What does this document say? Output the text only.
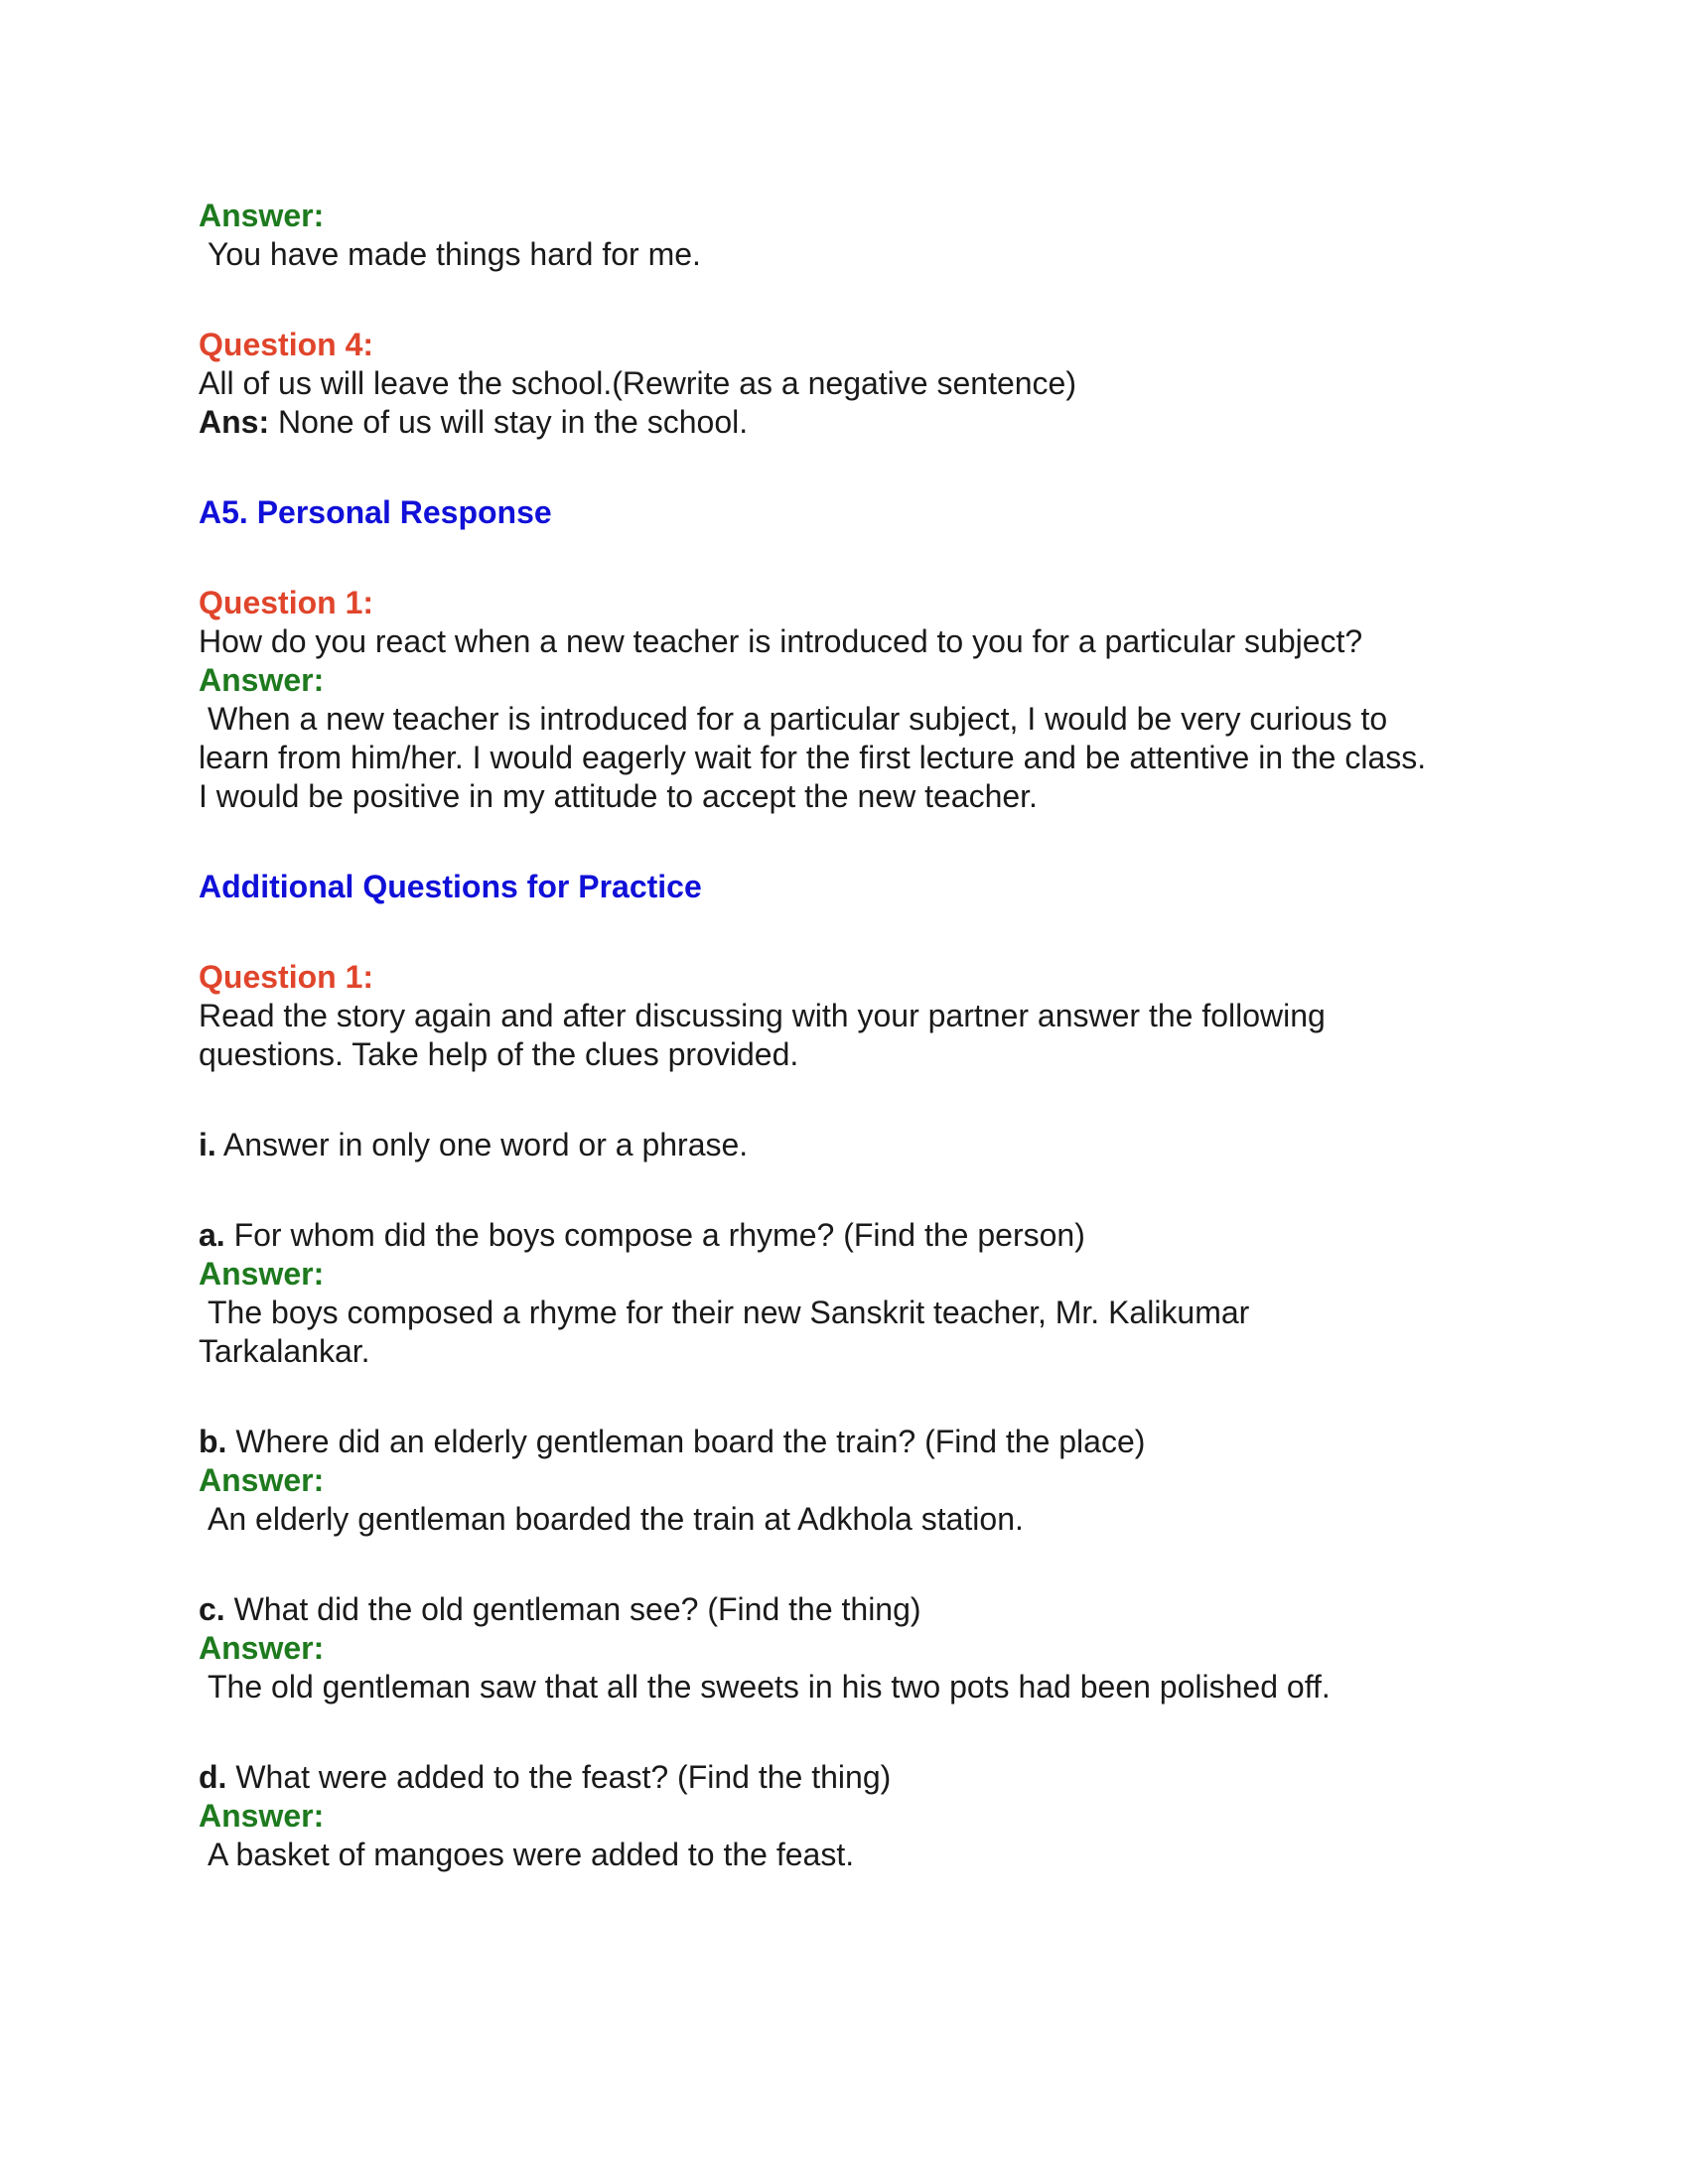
Answer:
You have made things hard for me.
Question 4:
All of us will leave the school.(Rewrite as a negative sentence)
Ans: None of us will stay in the school.
A5. Personal Response
Question 1:
How do you react when a new teacher is introduced to you for a particular subject?
Answer:
When a new teacher is introduced for a particular subject, I would be very curious to
learn from him/her. I would eagerly wait for the first lecture and be attentive in the class.
I would be positive in my attitude to accept the new teacher.
Additional Questions for Practice
Question 1:
Read the story again and after discussing with your partner answer the following
questions. Take help of the clues provided.
i. Answer in only one word or a phrase.
a. For whom did the boys compose a rhyme? (Find the person)
Answer:
The boys composed a rhyme for their new Sanskrit teacher, Mr. Kalikumar
Tarkalankar.
b. Where did an elderly gentleman board the train? (Find the place)
Answer:
An elderly gentleman boarded the train at Adkhola station.
c. What did the old gentleman see? (Find the thing)
Answer:
The old gentleman saw that all the sweets in his two pots had been polished off.
d. What were added to the feast? (Find the thing)
Answer:
A basket of mangoes were added to the feast.
